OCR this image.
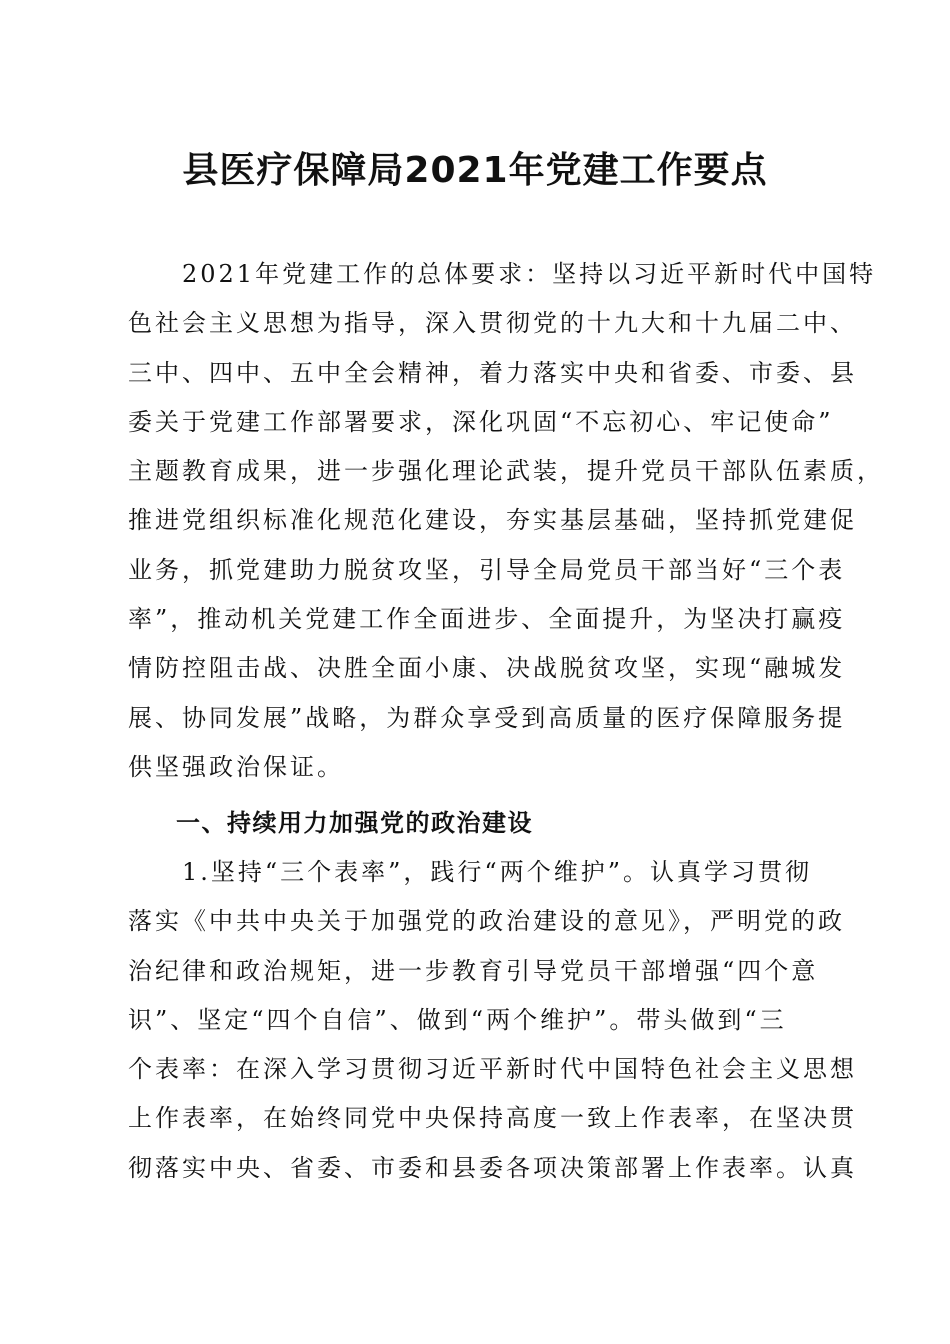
县医疗保障局2021年党建工作要点
　　2021年党建工作的总体要求：坚持以习近平新时代中国特
色社会主义思想为指导，深入贯彻党的十九大和十九届二中、
三中、四中、五中全会精神，着力落实中央和省委、市委、县
委关于党建工作部署要求，深化巩固“不忘初心、牢记使命”
主题教育成果，进一步强化理论武装，提升党员干部队伍素质，
推进党组织标准化规范化建设，夯实基层基础，坚持抓党建促
业务，抓党建助力脱贫攻坚，引导全局党员干部当好“三个表
率”，推动机关党建工作全面进步、全面提升，为坚决打赢疫
情防控阻击战、决胜全面小康、决战脱贫攻坚，实现“融城发
展、协同发展”战略，为群众享受到高质量的医疗保障服务提
供坚强政治保证。
一、持续用力加强党的政治建设
　　1.坚持“三个表率”，践行“两个维护”。认真学习贯彻
落实《中共中央关于加强党的政治建设的意见》，严明党的政
治纪律和政治规矩，进一步教育引导党员干部增强“四个意
识”、坚定“四个自信”、做到“两个维护”。带头做到“三
个表率：在深入学习贯彻习近平新时代中国特色社会主义思想
上作表率，在始终同党中央保持高度一致上作表率，在坚决贯
彻落实中央、省委、市委和县委各项决策部署上作表率。认真
